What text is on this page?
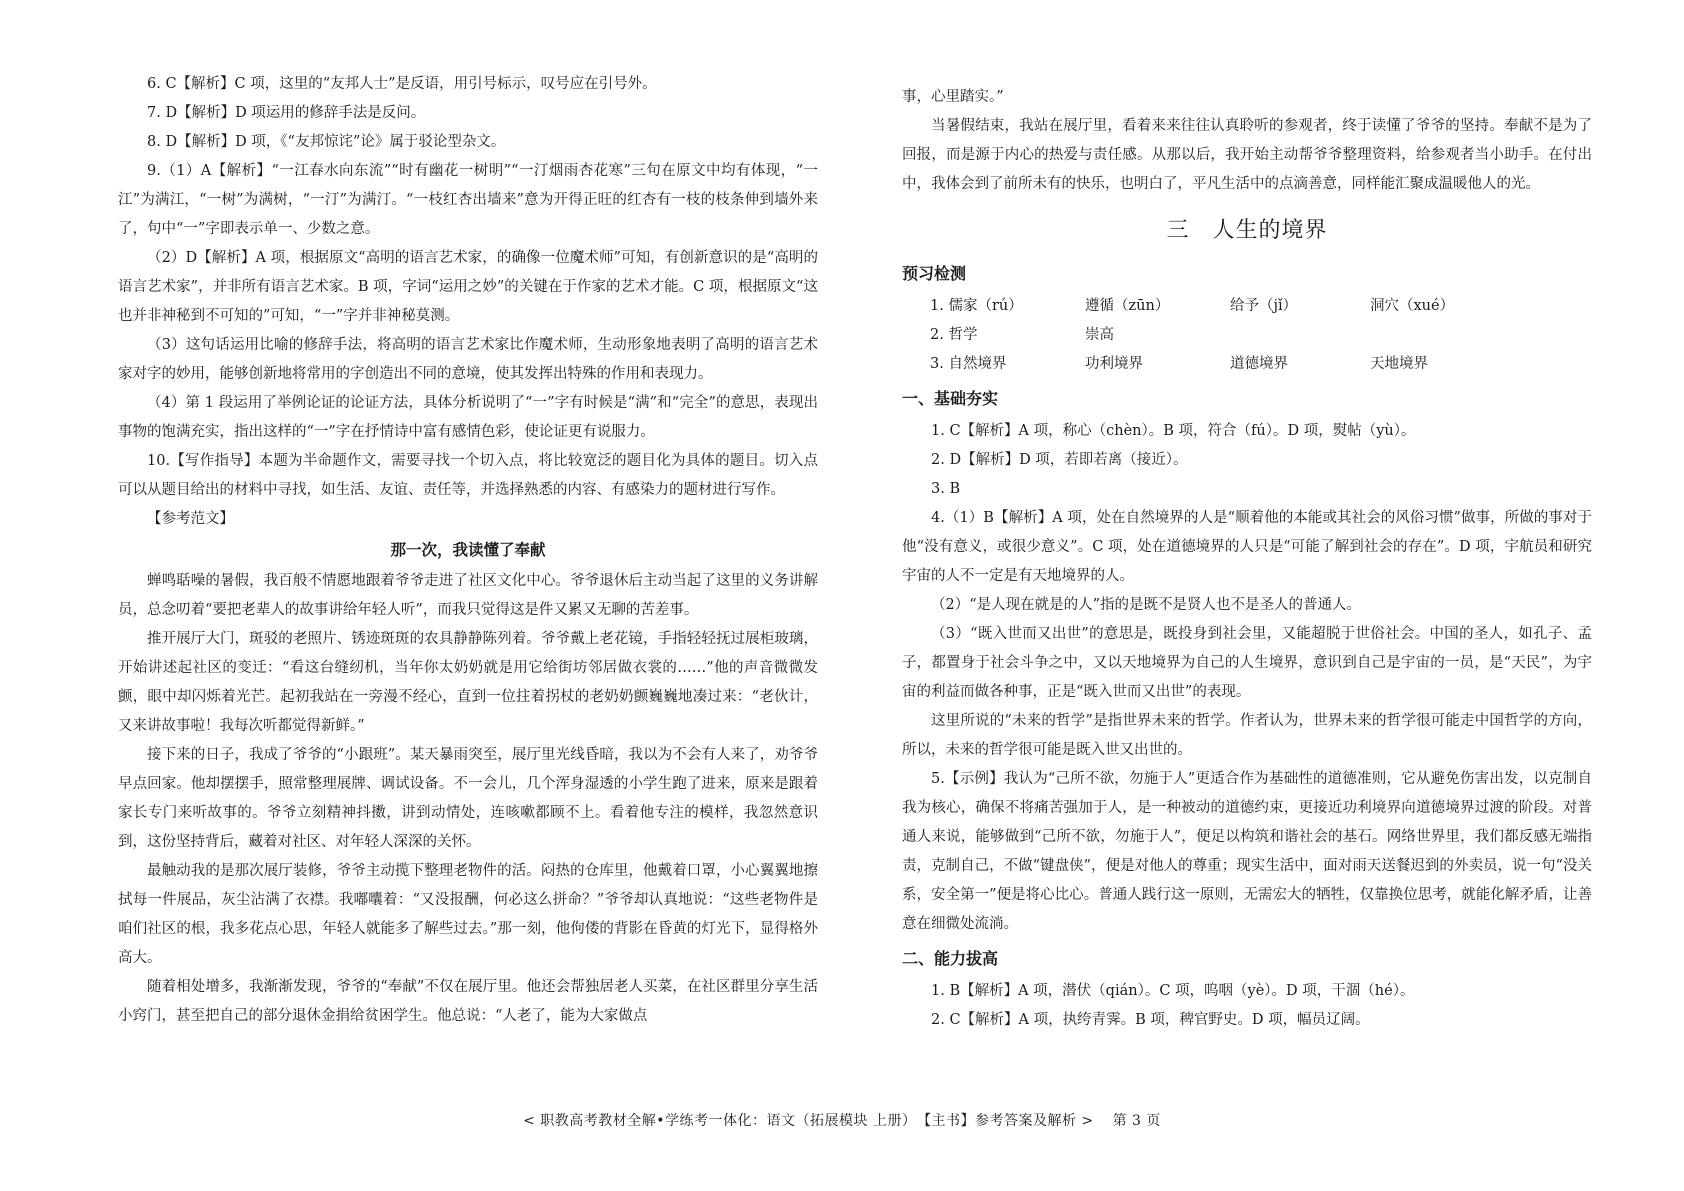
6. C【解析】C 项，这里的“友邦人士”是反语，用引号标示，叹号应在引号外。

7. D【解析】D 项运用的修辞手法是反问。

8. D【解析】D 项，《“友邦惊诧”论》属于驳论型杂文。

9.（1）A【解析】“一江春水向东流”“时有幽花一树明”“一汀烟雨杏花寒”三句在原文中均有体现，“一江”为满江，“一树”为满树，“一汀”为满汀。“一枝红杏出墙来”意为开得正旺的红杏有一枝的枝条伸到墙外来了，句中“一”字即表示单一、少数之意。

（2）D【解析】A 项，根据原文“高明的语言艺术家，的确像一位魔术师”可知，有创新意识的是“高明的语言艺术家”，并非所有语言艺术家。B 项，字词“运用之妙”的关键在于作家的艺术才能。C 项，根据原文“这也并非神秘到不可知的”可知，“一”字并非神秘莫测。

（3）这句话运用比喻的修辞手法，将高明的语言艺术家比作魔术师，生动形象地表明了高明的语言艺术家对字的妙用，能够创新地将常用的字创造出不同的意境，使其发挥出特殊的作用和表现力。

（4）第 1 段运用了举例论证的论证方法，具体分析说明了“一”字有时候是“满”和“完全”的意思，表现出事物的饱满充实，指出这样的“一”字在抒情诗中富有感情色彩，使论证更有说服力。

10.【写作指导】本题为半命题作文，需要寻找一个切入点，将比较宽泛的题目化为具体的题目。切入点可以从题目给出的材料中寻找，如生活、友谊、责任等，并选择熟悉的内容、有感染力的题材进行写作。

【参考范文】

那一次，我读懂了奉献

蝉鸣聒噪的暑假，我百般不情愿地跟着爷爷走进了社区文化中心。爷爷退休后主动当起了这里的义务讲解员，总念叨着“要把老辈人的故事讲给年轻人听”，而我只觉得这是件又累又无聊的苦差事。

推开展厅大门，斑驳的老照片、锈迹斑斑的农具静静陈列着。爷爷戴上老花镜，手指轻轻抚过展柜玻璃，开始讲述起社区的变迁：“看这台缝纫机，当年你太奶奶就是用它给街坊邻居做衣裳的……”他的声音微微发颤，眼中却闪烁着光芒。起初我站在一旁漫不经心，直到一位拄着拐杖的老奶奶颤巍巍地凑过来：“老伙计，又来讲故事啦！我每次听都觉得新鲜。”

接下来的日子，我成了爷爷的“小跟班”。某天暴雨突至，展厅里光线昏暗，我以为不会有人来了，劝爷爷早点回家。他却摆摆手，照常整理展牌、调试设备。不一会儿，几个浑身湿透的小学生跑了进来，原来是跟着家长专门来听故事的。爷爷立刻精神抖擞，讲到动情处，连咳嗽都顾不上。看着他专注的模样，我忽然意识到，这份坚持背后，藏着对社区、对年轻人深深的关怀。

最触动我的是那次展厅装修，爷爷主动揽下整理老物件的活。闷热的仓库里，他戴着口罩，小心翼翼地擦拭每一件展品，灰尘沾满了衣襟。我嘟囔着：“又没报酬，何必这么拼命？”爷爷却认真地说：“这些老物件是咱们社区的根，我多花点心思，年轻人就能多了解些过去。”那一刻，他佝偻的背影在昏黄的灯光下，显得格外高大。

随着相处增多，我渐渐发现，爷爷的“奉献”不仅在展厅里。他还会帮独居老人买菜，在社区群里分享生活小窍门，甚至把自己的部分退休金捐给贫困学生。他总说：“人老了，能为大家做点

事，心里踏实。”

当暑假结束，我站在展厅里，看着来来往往认真聆听的参观者，终于读懂了爷爷的坚持。奉献不是为了回报，而是源于内心的热爱与责任感。从那以后，我开始主动帮爷爷整理资料，给参观者当小助手。在付出中，我体会到了前所未有的快乐，也明白了，平凡生活中的点滴善意，同样能汇聚成温暖他人的光。

三　人生的境界
预习检测
1. 儒家（rú）	遵循（zūn）	给予（jǐ）	洞穴（xué）
2. 哲学	崇高
3. 自然境界	功利境界	道德境界	天地境界
一、基础夯实

1. C【解析】A 项，称心（chèn）。B 项，符合（fú）。D 项，熨帖（yù）。

2. D【解析】D 项，若即若离（接近）。

3. B

4.（1）B【解析】A 项，处在自然境界的人是“顺着他的本能或其社会的风俗习惯”做事，所做的事对于他“没有意义，或很少意义”。C 项，处在道德境界的人只是“可能了解到社会的存在”。D 项，宇航员和研究宇宙的人不一定是有天地境界的人。

（2）“是人现在就是的人”指的是既不是贤人也不是圣人的普通人。

（3）“既入世而又出世”的意思是，既投身到社会里，又能超脱于世俗社会。中国的圣人，如孔子、孟子，都置身于社会斗争之中，又以天地境界为自己的人生境界，意识到自己是宇宙的一员，是“天民”，为宇宙的利益而做各种事，正是“既入世而又出世”的表现。

这里所说的“未来的哲学”是指世界未来的哲学。作者认为，世界未来的哲学很可能走中国哲学的方向，所以，未来的哲学很可能是既入世又出世的。

5.【示例】我认为“己所不欲，勿施于人”更适合作为基础性的道德准则，它从避免伤害出发，以克制自我为核心，确保不将痛苦强加于人，是一种被动的道德约束，更接近功利境界向道德境界过渡的阶段。对普通人来说，能够做到“己所不欲，勿施于人”，便足以构筑和谐社会的基石。网络世界里，我们都反感无端指责，克制自己，不做“键盘侠”，便是对他人的尊重；现实生活中，面对雨天送餐迟到的外卖员，说一句“没关系，安全第一”便是将心比心。普通人践行这一原则，无需宏大的牺牲，仅靠换位思考，就能化解矛盾，让善意在细微处流淌。

二、能力拔高

1. B【解析】A 项，潜伏（qián）。C 项，呜咽（yè）。D 项，干涸（hé）。

2. C【解析】A 项，执绔青霁。B 项，稗官野史。D 项，幅员辽阔。

< 职教高考教材全解•学练考一体化：语文（拓展模块 上册）　【主书】参考答案及解析 > 第 3 页
